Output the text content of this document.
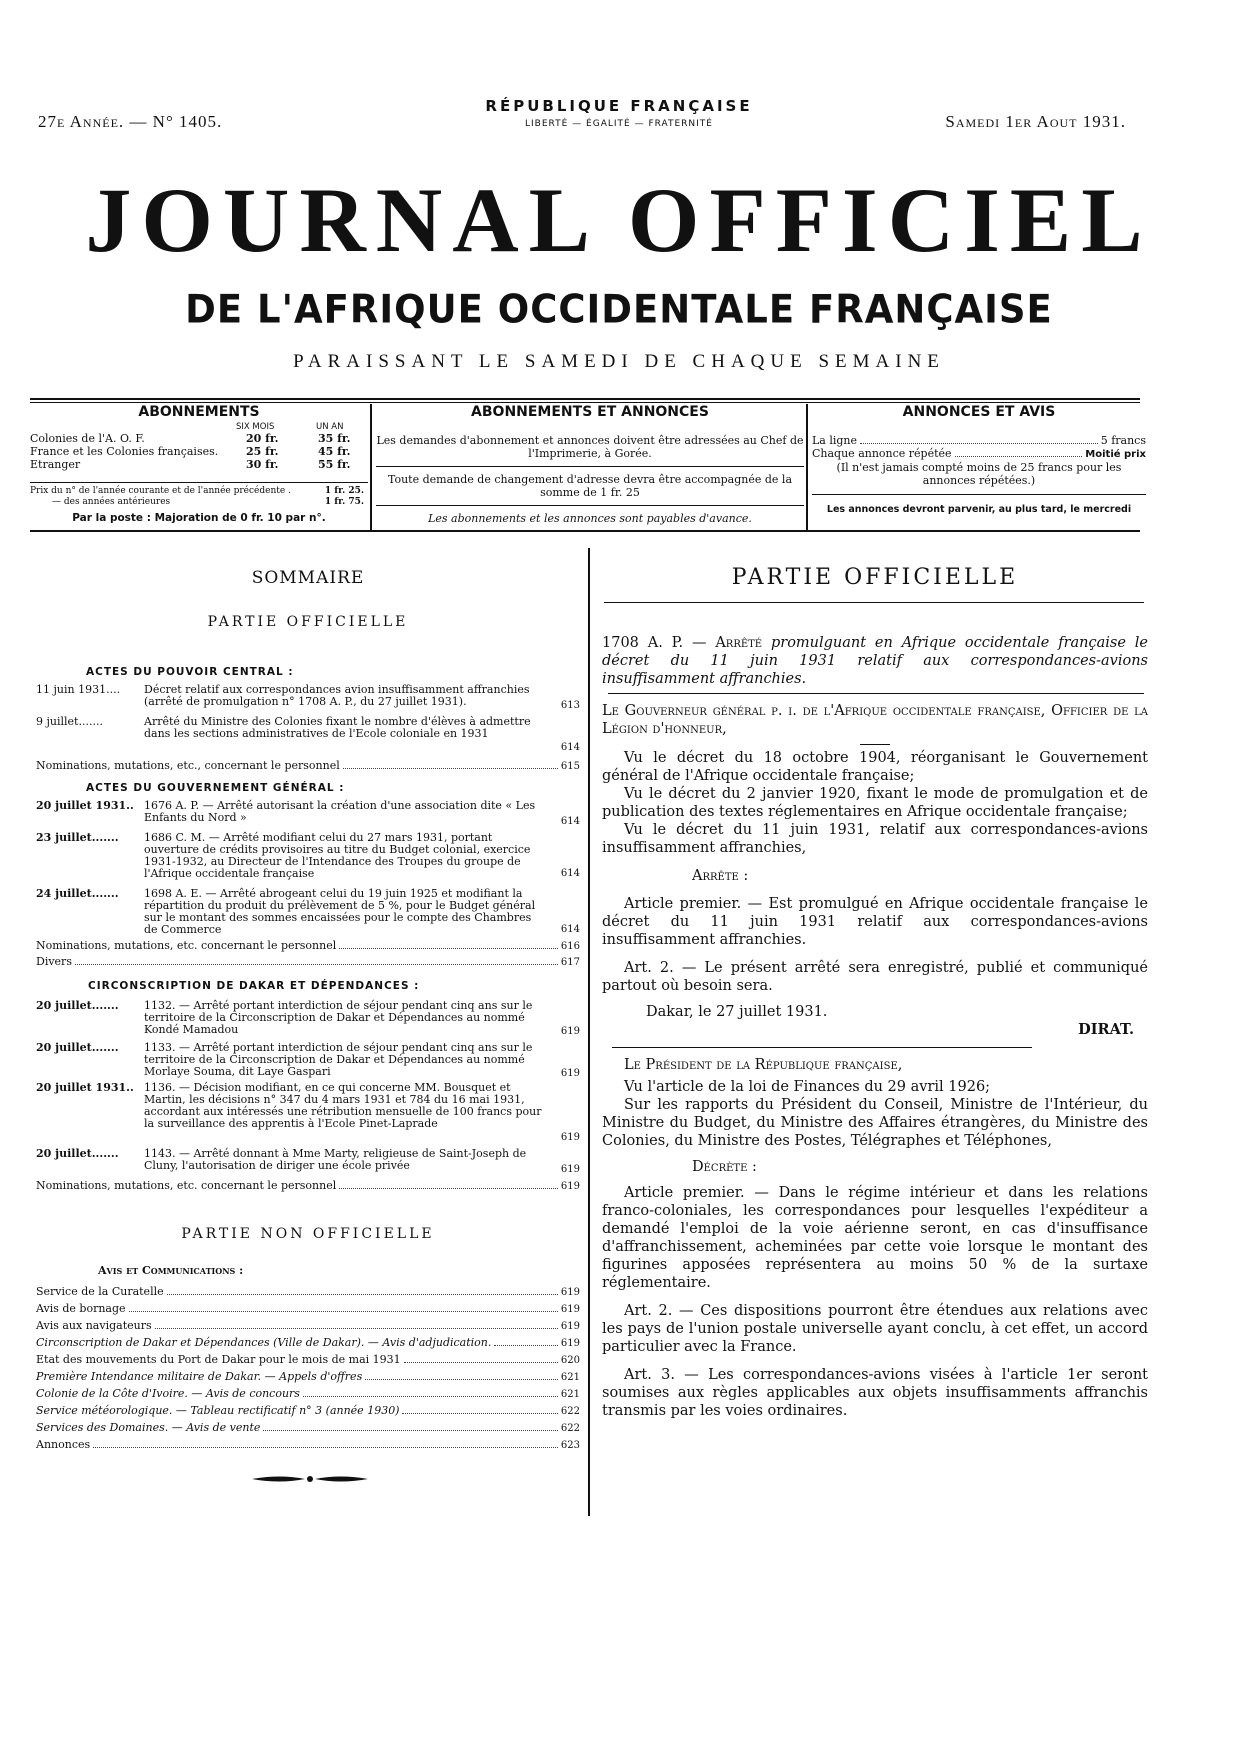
27e Année. — N° 1405.
RÉPUBLIQUE FRANÇAISE
LIBERTÉ — ÉGALITÉ — FRATERNITÉ	Samedi 1er Aout 1931.
JOURNAL OFFICIEL
DE L'AFRIQUE OCCIDENTALE FRANÇAISE
PARAISSANT LE SAMEDI DE CHAQUE SEMAINE
ABONNEMENTS
SIX MOIS	UN AN
Colonies de l'A. O. F.	20 fr.	35 fr.
France et les Colonies françaises.	25 fr.	45 fr.
Etranger	30 fr.	55 fr.
Prix du n° de l'année courante et de l'année précédente .	1 fr. 25.
— des années antérieures	1 fr. 75.
Par la poste : Majoration de 0 fr. 10 par n°.
ABONNEMENTS ET ANNONCES
Les demandes d'abonnement et annonces doivent être adressées au Chef de l'Imprimerie, à Gorée.
Toute demande de changement d'adresse devra être accompagnée de la somme de 1 fr. 25
Les abonnements et les annonces sont payables d'avance.
ANNONCES ET AVIS
La ligne	5 francs
Chaque annonce répétée	Moitié prix
(Il n'est jamais compté moins de 25 francs pour les annonces répétées.)
Les annonces devront parvenir, au plus tard, le mercredi
SOMMAIRE
PARTIE OFFICIELLE
ACTES DU POUVOIR CENTRAL :
11 juin 1931.... Décret relatif aux correspondances avion insuffisamment affranchies (arrêté de promulgation n° 1708 A. P., du 27 juillet 1931).	613
9 juillet.......	Arrêté du Ministre des Colonies fixant le nombre d'élèves à admettre dans les sections administratives de l'Ecole coloniale en 1931
614
Nominations, mutations, etc., concernant le personnel	615
ACTES DU GOUVERNEMENT GÉNÉRAL :
20 juillet 1931.. 1676 A. P. — Arrêté autorisant la création d'une association dite « Les Enfants du Nord »	614
23 juillet....... 1686 C. M. — Arrêté modifiant celui du 27 mars 1931, portant ouverture de crédits provisoires au titre du Budget colonial, exercice 1931-1932, au Directeur de l'Intendance des Troupes du groupe de l'Afrique occidentale française	614
24 juillet....... 1698 A. E. — Arrêté abrogeant celui du 19 juin 1925 et modifiant la répartition du produit du prélèvement de 5 %, pour le Budget général sur le montant des sommes encaissées pour le compte des Chambres de Commerce	614
Nominations, mutations, etc. concernant le personnel	616
Divers	617
CIRCONSCRIPTION DE DAKAR ET DÉPENDANCES :
20 juillet....... 1132. — Arrêté portant interdiction de séjour pendant cinq ans sur le territoire de la Circonscription de Dakar et Dépendances au nommé Kondé Mamadou	619
20 juillet....... 1133. — Arrêté portant interdiction de séjour pendant cinq ans sur le territoire de la Circonscription de Dakar et Dépendances au nommé Morlaye Souma, dit Laye Gaspari	619
20 juillet 1931.. 1136. — Décision modifiant, en ce qui concerne MM. Bousquet et Martin, les décisions n° 347 du 4 mars 1931 et 784 du 16 mai 1931, accordant aux intéressés une rétribution mensuelle de 100 francs pour la surveillance des apprentis à l'Ecole Pinet-Laprade
619
20 juillet....... 1143. — Arrêté donnant à Mme Marty, religieuse de Saint-Joseph de Cluny, l'autorisation de diriger une école privée	619
Nominations, mutations, etc. concernant le personnel	619
PARTIE NON OFFICIELLE
Avis et Communications :
Service de la Curatelle	619
Avis de bornage	619
Avis aux navigateurs	619
Circonscription de Dakar et Dépendances (Ville de Dakar). — Avis d'adjudication.	619
Etat des mouvements du Port de Dakar pour le mois de mai 1931	620
Première Intendance militaire de Dakar. — Appels d'offres	621
Colonie de la Côte d'Ivoire. — Avis de concours	621
Service météorologique. — Tableau rectificatif n° 3 (année 1930)	622
Services des Domaines. — Avis de vente	622
Annonces	623
PARTIE OFFICIELLE

1708 A. P. — Arrêté promulguant en Afrique occidentale française le décret du 11 juin 1931 relatif aux correspondances-avions insuffisamment affranchies.

Le Gouverneur général p. i. de l'Afrique occidentale française, Officier de la Légion d'honneur,

Vu le décret du 18 octobre 1904, réorganisant le Gouvernement général de l'Afrique occidentale française;

Vu le décret du 2 janvier 1920, fixant le mode de promulgation et de publication des textes réglementaires en Afrique occidentale française;

Vu le décret du 11 juin 1931, relatif aux correspondances-avions insuffisamment affranchies,

Arrête :

Article premier. — Est promulgué en Afrique occidentale française le décret du 11 juin 1931 relatif aux correspondances-avions insuffisamment affranchies.

Art. 2. — Le présent arrêté sera enregistré, publié et communiqué partout où besoin sera.

Dakar, le 27 juillet 1931.

DIRAT.

Le Président de la République française,

Vu l'article de la loi de Finances du 29 avril 1926;

Sur les rapports du Président du Conseil, Ministre de l'Intérieur, du Ministre du Budget, du Ministre des Affaires étrangères, du Ministre des Colonies, du Ministre des Postes, Télégraphes et Téléphones,

Décrète :

Article premier. — Dans le régime intérieur et dans les relations franco-coloniales, les correspondances pour lesquelles l'expéditeur a demandé l'emploi de la voie aérienne seront, en cas d'insuffisance d'affranchissement, acheminées par cette voie lorsque le montant des figurines apposées représentera au moins 50 % de la surtaxe réglementaire.

Art. 2. — Ces dispositions pourront être étendues aux relations avec les pays de l'union postale universelle ayant conclu, à cet effet, un accord particulier avec la France.

Art. 3. — Les correspondances-avions visées à l'article 1er seront soumises aux règles applicables aux objets insuffisamments affranchis transmis par les voies ordinaires.
